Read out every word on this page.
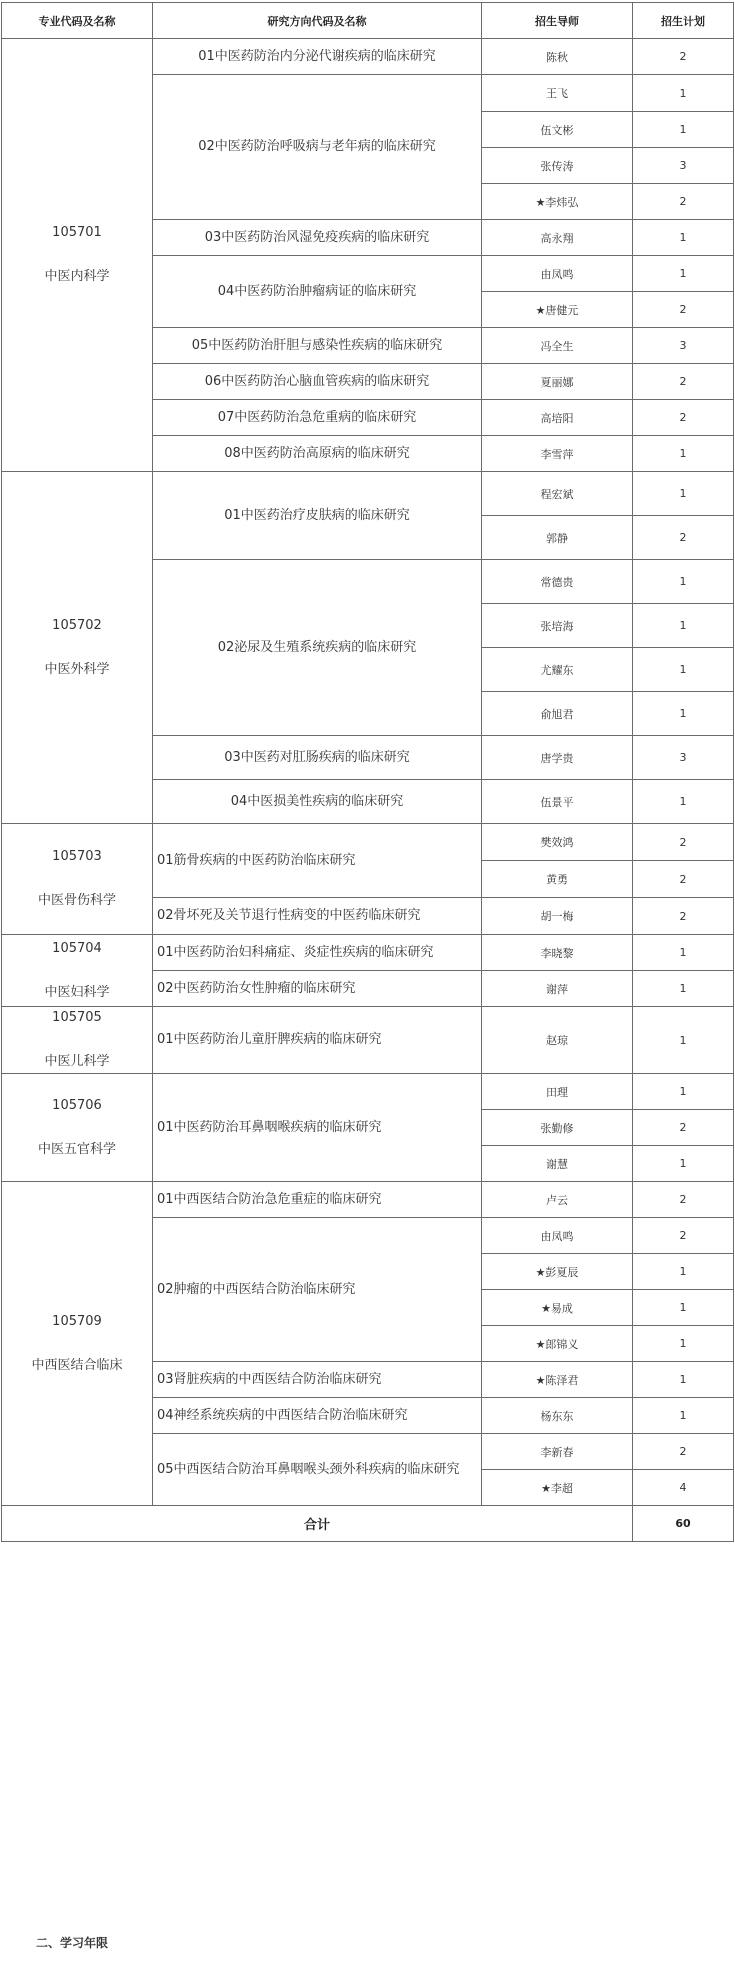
专业代码及名称	研究方向代码及名称	招生导师	招生计划

105701
中医内科学	01中医药防治内分泌代谢疾病的临床研究	陈秋	2
	02中医药防治呼吸病与老年病的临床研究	王飞	1
		伍文彬	1
		张传涛	3
		★李炜弘	2
	03中医药防治风湿免疫疾病的临床研究	高永翔	1
	04中医药防治肿瘤病证的临床研究	由凤鸣	1
		★唐健元	2
	05中医药防治肝胆与感染性疾病的临床研究	冯全生	3
	06中医药防治心脑血管疾病的临床研究	夏丽娜	2
	07中医药防治急危重病的临床研究	高培阳	2
	08中医药防治高原病的临床研究	李雪萍	1

105702
中医外科学	01中医药治疗皮肤病的临床研究	程宏斌	1
		郭静	2
	02泌尿及生殖系统疾病的临床研究	常德贵	1
		张培海	1
		尤耀东	1
		俞旭君	1
	03中医药对肛肠疾病的临床研究	唐学贵	3
	04中医损美性疾病的临床研究	伍景平	1

105703
中医骨伤科学	01筋骨疾病的中医药防治临床研究	樊效鸿	2
		黄勇	2
	02骨坏死及关节退行性病变的中医药临床研究	胡一梅	2

105704
中医妇科学	01中医药防治妇科痛症、炎症性疾病的临床研究	李晓黎	1
	02中医药防治女性肿瘤的临床研究	谢萍	1

105705
中医儿科学	01中医药防治儿童肝脾疾病的临床研究	赵琼	1

105706
中医五官科学	01中医药防治耳鼻咽喉疾病的临床研究	田理	1
		张勤修	2
		谢慧	1

105709
中西医结合临床	01中西医结合防治急危重症的临床研究	卢云	2
	02肿瘤的中西医结合防治临床研究	由凤鸣	2
		★彭夏辰	1
		★易成	1
		★郎锦义	1
	03肾脏疾病的中西医结合防治临床研究	★陈泽君	1
	04神经系统疾病的中西医结合防治临床研究	杨东东	1
	05中西医结合防治耳鼻咽喉头颈外科疾病的临床研究	李新春	2
		★李超	4
合计			60
二、学习年限
